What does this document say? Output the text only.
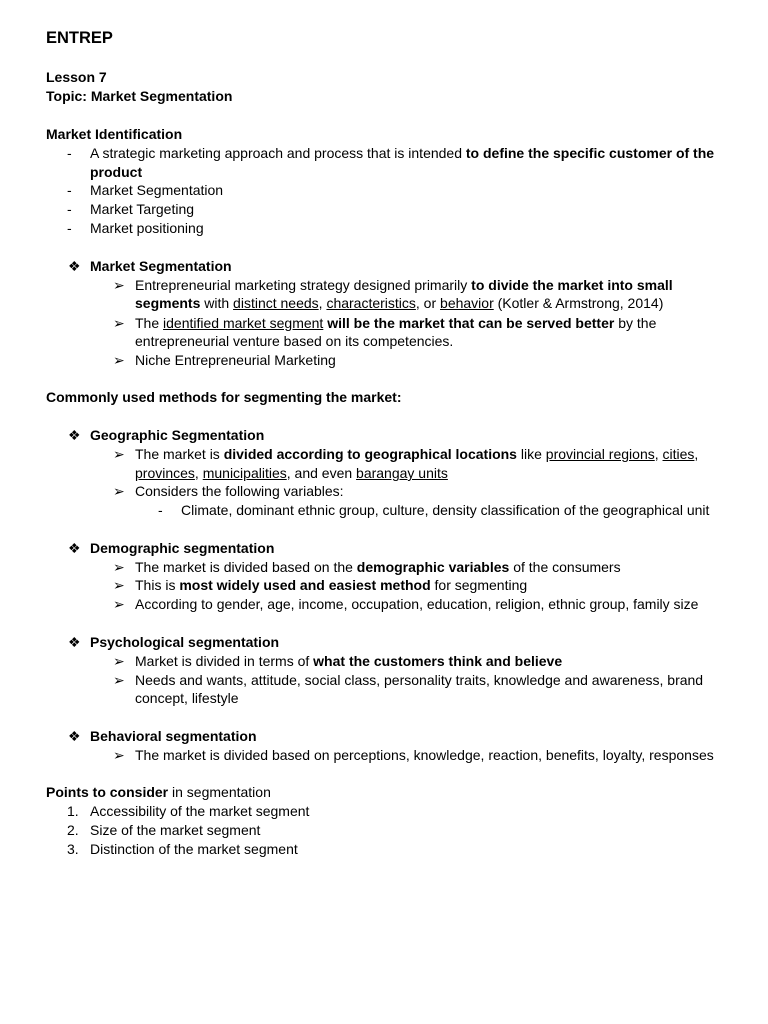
ENTREP
Lesson 7
Topic: Market Segmentation
Market Identification
- A strategic marketing approach and process that is intended to define the specific customer of the
product
- Market Segmentation
- Market Targeting
- Market positioning
❖ Market Segmentation
➢ Entrepreneurial marketing strategy designed primarily to divide the market into small
segments with distinct needs, characteristics, or behavior (Kotler & Armstrong, 2014)
➢ The identified market segment will be the market that can be served better by the
entrepreneurial venture based on its competencies.
➢ Niche Entrepreneurial Marketing
Commonly used methods for segmenting the market:
❖ Geographic Segmentation
➢ The market is divided according to geographical locations like provincial regions, cities,
provinces, municipalities, and even barangay units
➢ Considers the following variables:
- Climate, dominant ethnic group, culture, density classification of the geographical unit
❖ Demographic segmentation
➢ The market is divided based on the demographic variables of the consumers
➢ This is most widely used and easiest method for segmenting
➢ According to gender, age, income, occupation, education, religion, ethnic group, family size
❖ Psychological segmentation
➢ Market is divided in terms of what the customers think and believe
➢ Needs and wants, attitude, social class, personality traits, knowledge and awareness, brand
concept, lifestyle
❖ Behavioral segmentation
➢ The market is divided based on perceptions, knowledge, reaction, benefits, loyalty, responses
Points to consider in segmentation
1. Accessibility of the market segment
2. Size of the market segment
3. Distinction of the market segment
